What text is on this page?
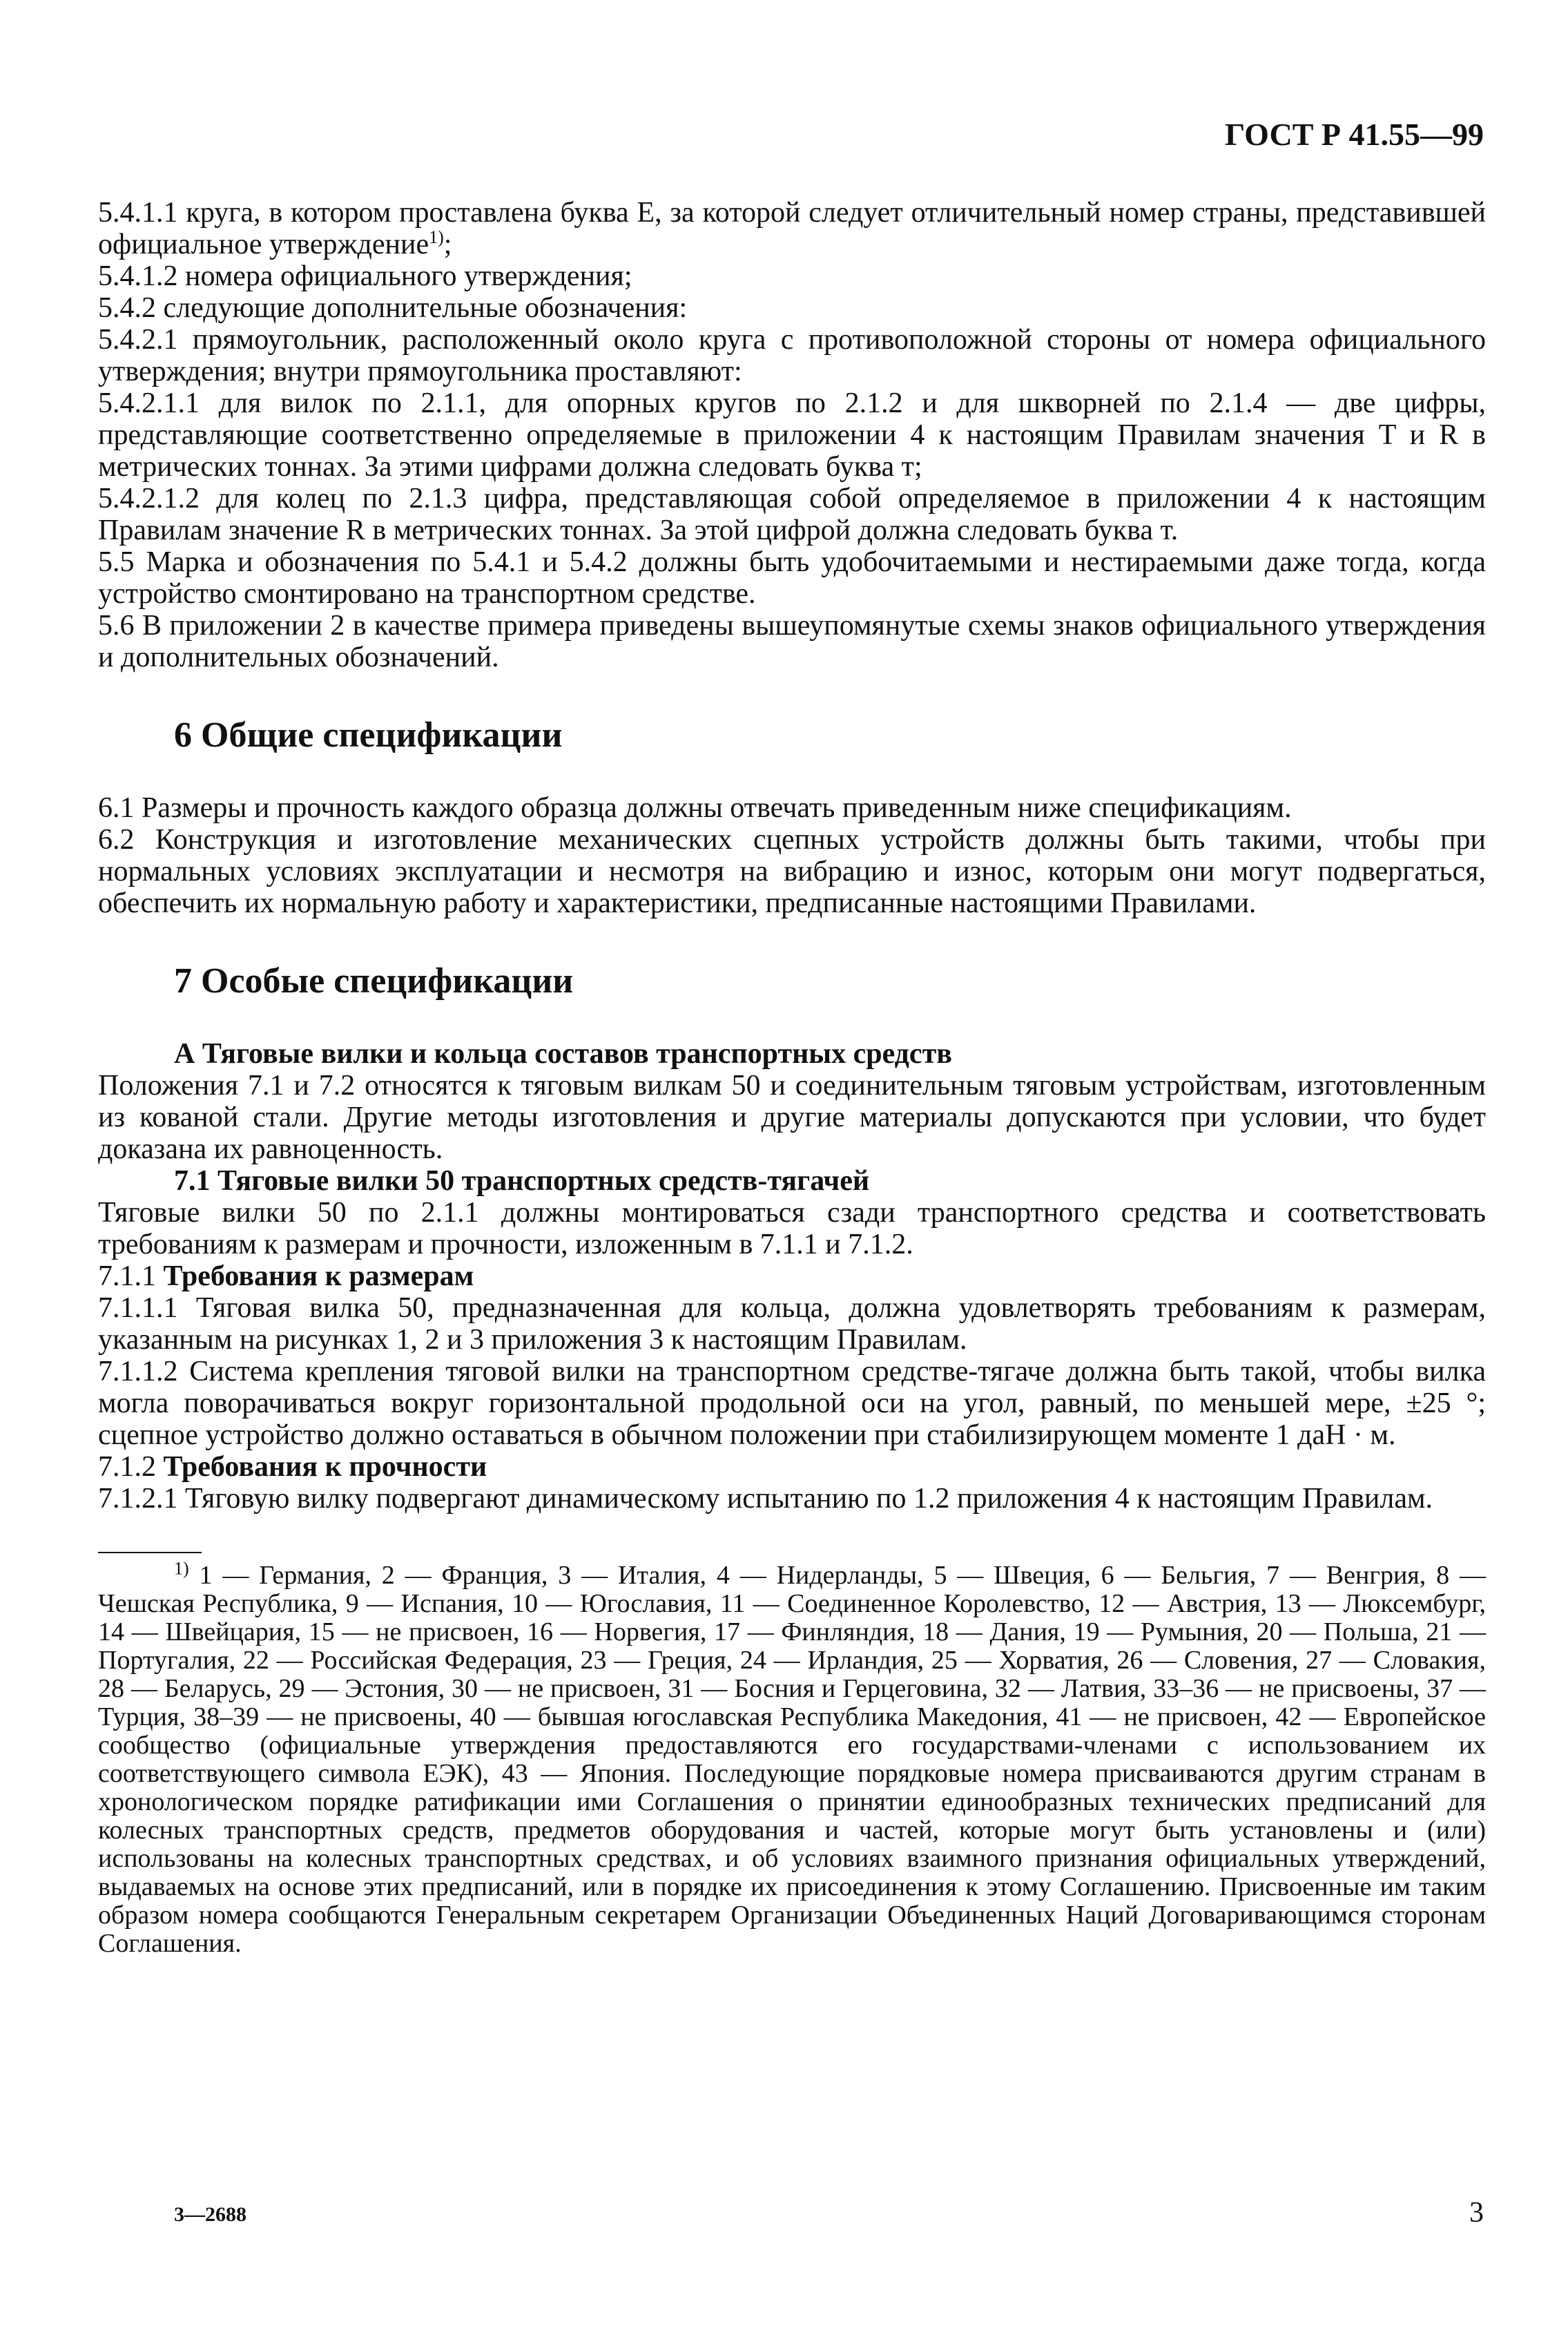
ГОСТ Р 41.55—99

5.4.1.1 круга, в котором проставлена буква Е, за которой следует отличительный номер страны, представившей официальное утверждение$^{1)}$;

5.4.1.2 номера официального утверждения;

5.4.2 следующие дополнительные обозначения:

5.4.2.1 прямоугольник, расположенный около круга с противоположной стороны от номера официального утверждения; внутри прямоугольника проставляют:

5.4.2.1.1 для вилок по 2.1.1, для опорных кругов по 2.1.2 и для шкворней по 2.1.4 — две цифры, представляющие соответственно определяемые в приложении 4 к настоящим Правилам значения T и R в метрических тоннах. За этими цифрами должна следовать буква т;

5.4.2.1.2 для колец по 2.1.3 цифра, представляющая собой определяемое в приложении 4 к настоящим Правилам значение R в метрических тоннах. За этой цифрой должна следовать буква т.

5.5 Марка и обозначения по 5.4.1 и 5.4.2 должны быть удобочитаемыми и нестираемыми даже тогда, когда устройство смонтировано на транспортном средстве.

5.6 В приложении 2 в качестве примера приведены вышеупомянутые схемы знаков официального утверждения и дополнительных обозначений.

6 Общие спецификации

6.1 Размеры и прочность каждого образца должны отвечать приведенным ниже спецификациям.

6.2 Конструкция и изготовление механических сцепных устройств должны быть такими, чтобы при нормальных условиях эксплуатации и несмотря на вибрацию и износ, которым они могут подвергаться, обеспечить их нормальную работу и характеристики, предписанные настоящими Правилами.

7 Особые спецификации

А Тяговые вилки и кольца составов транспортных средств

Положения 7.1 и 7.2 относятся к тяговым вилкам 50 и соединительным тяговым устройствам, изготовленным из кованой стали. Другие методы изготовления и другие материалы допускаются при условии, что будет доказана их равноценность.

7.1 Тяговые вилки 50 транспортных средств-тягачей

Тяговые вилки 50 по 2.1.1 должны монтироваться сзади транспортного средства и соответствовать требованиям к размерам и прочности, изложенным в 7.1.1 и 7.1.2.

7.1.1 Требования к размерам

7.1.1.1 Тяговая вилка 50, предназначенная для кольца, должна удовлетворять требованиям к размерам, указанным на рисунках 1, 2 и 3 приложения 3 к настоящим Правилам.

7.1.1.2 Система крепления тяговой вилки на транспортном средстве-тягаче должна быть такой, чтобы вилка могла поворачиваться вокруг горизонтальной продольной оси на угол, равный, по меньшей мере, ±25 °; сцепное устройство должно оставаться в обычном положении при стабилизирующем моменте 1 даН · м.

7.1.2 Требования к прочности

7.1.2.1 Тяговую вилку подвергают динамическому испытанию по 1.2 приложения 4 к настоящим Правилам.

$^{1)}$ 1 — Германия, 2 — Франция, 3 — Италия, 4 — Нидерланды, 5 — Швеция, 6 — Бельгия, 7 — Венгрия, 8 — Чешская Республика, 9 — Испания, 10 — Югославия, 11 — Соединенное Королевство, 12 — Австрия, 13 — Люксембург, 14 — Швейцария, 15 — не присвоен, 16 — Норвегия, 17 — Финляндия, 18 — Дания, 19 — Румыния, 20 — Польша, 21 — Португалия, 22 — Российская Федерация, 23 — Греция, 24 — Ирландия, 25 — Хорватия, 26 — Словения, 27 — Словакия, 28 — Беларусь, 29 — Эстония, 30 — не присвоен, 31 — Босния и Герцеговина, 32 — Латвия, 33–36 — не присвоены, 37 — Турция, 38–39 — не присвоены, 40 — бывшая югославская Республика Македония, 41 — не присвоен, 42 — Европейское сообщество (официальные утверждения предоставляются его государствами-членами с использованием их соответствующего символа ЕЭК), 43 — Япония. Последующие порядковые номера присваиваются другим странам в хронологическом порядке ратификации ими Соглашения о принятии единообразных технических предписаний для колесных транспортных средств, предметов оборудования и частей, которые могут быть установлены и (или) использованы на колесных транспортных средствах, и об условиях взаимного признания официальных утверждений, выдаваемых на основе этих предписаний, или в порядке их присоединения к этому Соглашению. Присвоенные им таким образом номера сообщаются Генеральным секретарем Организации Объединенных Наций Договаривающимся сторонам Соглашения.

3—2688	3
